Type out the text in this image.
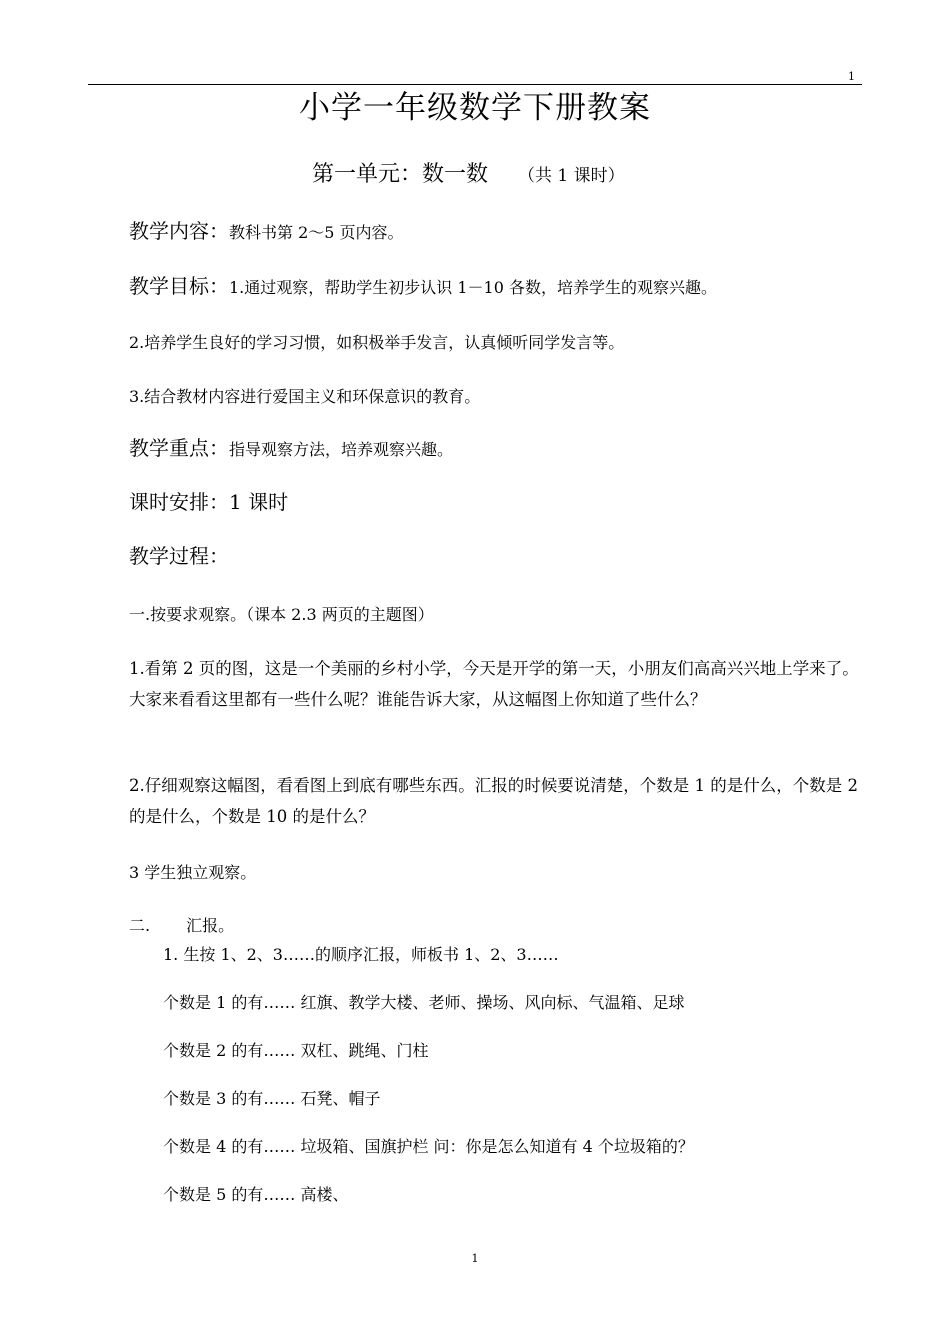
1
小学一年级数学下册教案
第一单元：数一数 （共 1 课时）
教学内容：教科书第 2～5 页内容。
教学目标：1.通过观察，帮助学生初步认识 1－10 各数，培养学生的观察兴趣。
2.培养学生良好的学习习惯，如积极举手发言，认真倾听同学发言等。
3.结合教材内容进行爱国主义和环保意识的教育。
教学重点：指导观察方法，培养观察兴趣。
课时安排：1 课时
教学过程：
一.按要求观察。（课本 2.3 两页的主题图）
1.看第 2 页的图，这是一个美丽的乡村小学，今天是开学的第一天，小朋友们高高兴兴地上学来了。大家来看看这里都有一些什么呢？谁能告诉大家，从这幅图上你知道了些什么？
2.仔细观察这幅图，看看图上到底有哪些东西。汇报的时候要说清楚，个数是 1 的是什么，个数是 2 的是什么，个数是 10 的是什么？
3 学生独立观察。
二. 汇报。
1. 生按 1、2、3……的顺序汇报，师板书 1、2、3……
个数是 1 的有…… 红旗、教学大楼、老师、操场、风向标、气温箱、足球
个数是 2 的有…… 双杠、跳绳、门柱
个数是 3 的有…… 石凳、帽子
个数是 4 的有…… 垃圾箱、国旗护栏 问：你是怎么知道有 4 个垃圾箱的？
个数是 5 的有…… 高楼、
1
